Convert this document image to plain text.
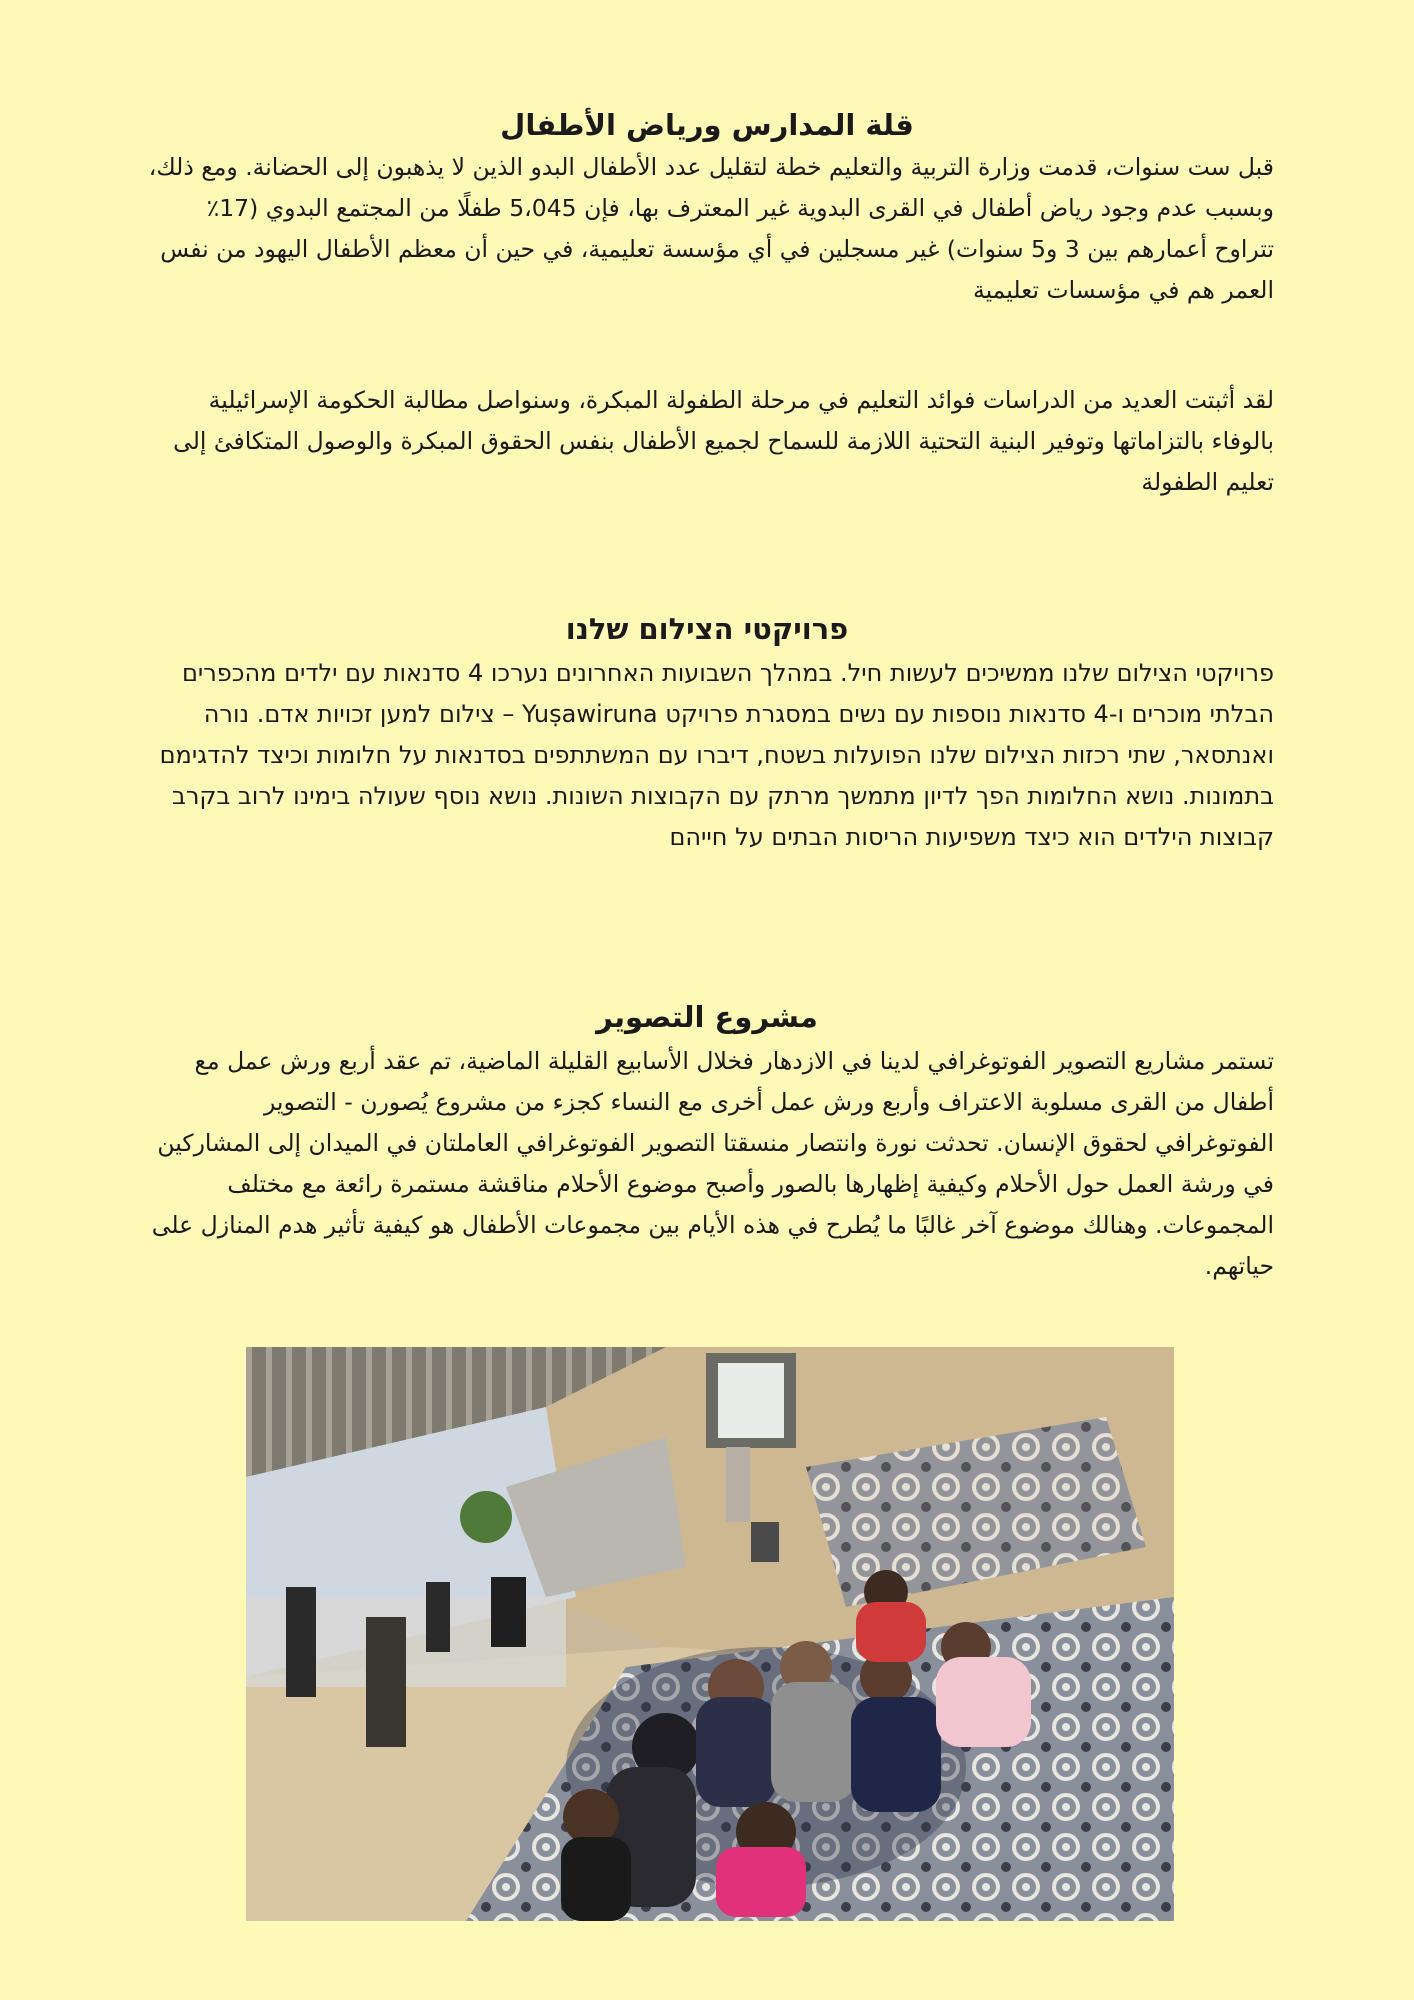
قلة المدارس ورياض الأطفال

قبل ست سنوات، قدمت وزارة التربية والتعليم خطة لتقليل عدد الأطفال البدو الذين لا يذهبون إلى الحضانة. ومع ذلك، وبسبب عدم وجود رياض أطفال في القرى البدوية غير المعترف بها، فإن 5،045 طفلًا من المجتمع البدوي (17٪ تتراوح أعمارهم بين 3 و5 سنوات) غير مسجلين في أي مؤسسة تعليمية، في حين أن معظم الأطفال اليهود من نفس العمر هم في مؤسسات تعليمية

لقد أثبتت العديد من الدراسات فوائد التعليم في مرحلة الطفولة المبكرة، وسنواصل مطالبة الحكومة الإسرائيلية بالوفاء بالتزاماتها وتوفير البنية التحتية اللازمة للسماح لجميع الأطفال بنفس الحقوق المبكرة والوصول المتكافئ إلى تعليم الطفولة

פרויקטי הצילום שלנו

פרויקטי הצילום שלנו ממשיכים לעשות חיל. במהלך השבועות האחרונים נערכו 4 סדנאות עם ילדים מהכפרים הבלתי מוכרים ו-4 סדנאות נוספות עם נשים במסגרת פרויקט Yuṣawiruna – צילום למען זכויות אדם. נורה ואנתסאר, שתי רכזות הצילום שלנו הפועלות בשטח, דיברו עם המשתתפים בסדנאות על חלומות וכיצד להדגימם בתמונות. נושא החלומות הפך לדיון מתמשך מרתק עם הקבוצות השונות. נושא נוסף שעולה בימינו לרוב בקרב קבוצות הילדים הוא כיצד משפיעות הריסות הבתים על חייהם

مشروع التصوير

تستمر مشاريع التصوير الفوتوغرافي لدينا في الازدهار فخلال الأسابيع القليلة الماضية، تم عقد أربع ورش عمل مع أطفال من القرى مسلوبة الاعتراف وأربع ورش عمل أخرى مع النساء كجزء من مشروع يُصورن - التصوير الفوتوغرافي لحقوق الإنسان. تحدثت نورة وانتصار منسقتا التصوير الفوتوغرافي العاملتان في الميدان إلى المشاركين في ورشة العمل حول الأحلام وكيفية إظهارها بالصور وأصبح موضوع الأحلام مناقشة مستمرة رائعة مع مختلف المجموعات. وهنالك موضوع آخر غالبًا ما يُطرح في هذه الأيام بين مجموعات الأطفال هو كيفية تأثير هدم المنازل على حياتهم.
